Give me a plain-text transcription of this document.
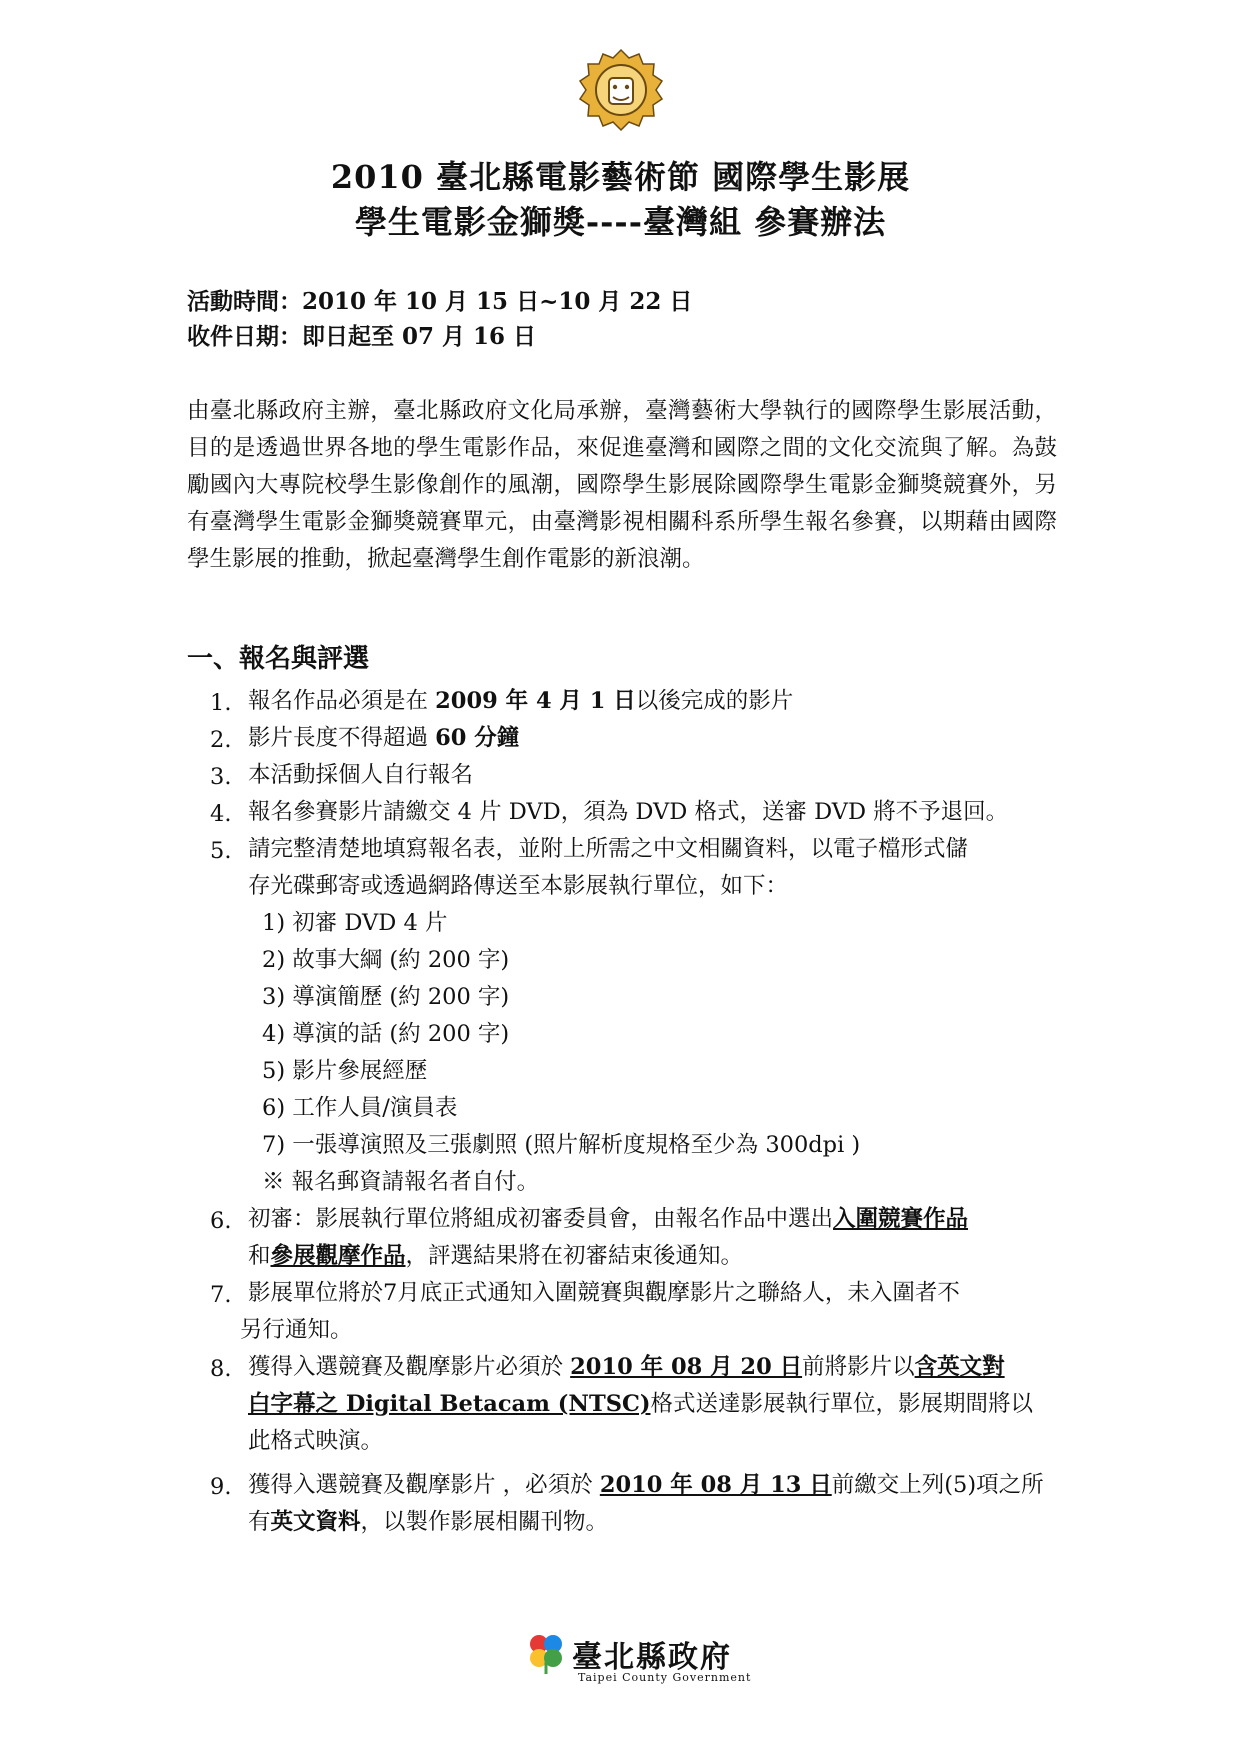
2010 臺北縣電影藝術節 國際學生影展
學生電影金獅獎----臺灣組 參賽辦法
活動時間：2010 年 10 月 15 日~10 月 22 日
收件日期：即日起至 07 月 16 日
由臺北縣政府主辦，臺北縣政府文化局承辦，臺灣藝術大學執行的國際學生影展活動，目的是透過世界各地的學生電影作品，來促進臺灣和國際之間的文化交流與了解。為鼓勵國內大專院校學生影像創作的風潮，國際學生影展除國際學生電影金獅獎競賽外，另有臺灣學生電影金獅獎競賽單元，由臺灣影視相關科系所學生報名參賽，以期藉由國際學生影展的推動，掀起臺灣學生創作電影的新浪潮。
一、報名與評選
1. 報名作品必須是在 2009 年 4 月 1 日以後完成的影片
2. 影片長度不得超過 60 分鐘
3. 本活動採個人自行報名
4. 報名參賽影片請繳交 4 片 DVD，須為 DVD 格式，送審 DVD 將不予退回。
5. 請完整清楚地填寫報名表，並附上所需之中文相關資料，以電子檔形式儲
存光碟郵寄或透過網路傳送至本影展執行單位，如下：
1) 初審 DVD 4 片
2) 故事大綱 (約 200 字)
3) 導演簡歷 (約 200 字)
4) 導演的話 (約 200 字)
5) 影片參展經歷
6) 工作人員/演員表
7) 一張導演照及三張劇照 (照片解析度規格至少為 300dpi )
※ 報名郵資請報名者自付。
6. 初審：影展執行單位將組成初審委員會，由報名作品中選出入圍競賽作品
和參展觀摩作品，評選結果將在初審結束後通知。
7. 影展單位將於7月底正式通知入圍競賽與觀摩影片之聯絡人，未入圍者不
另行通知。
8. 獲得入選競賽及觀摩影片必須於 2010 年 08 月 20 日前將影片以含英文對
白字幕之 Digital Betacam (NTSC)格式送達影展執行單位，影展期間將以
此格式映演。
9. 獲得入選競賽及觀摩影片 ，必須於 2010 年 08 月 13 日前繳交上列(5)項之所
有英文資料，以製作影展相關刊物。
臺北縣政府
Taipei County Government
